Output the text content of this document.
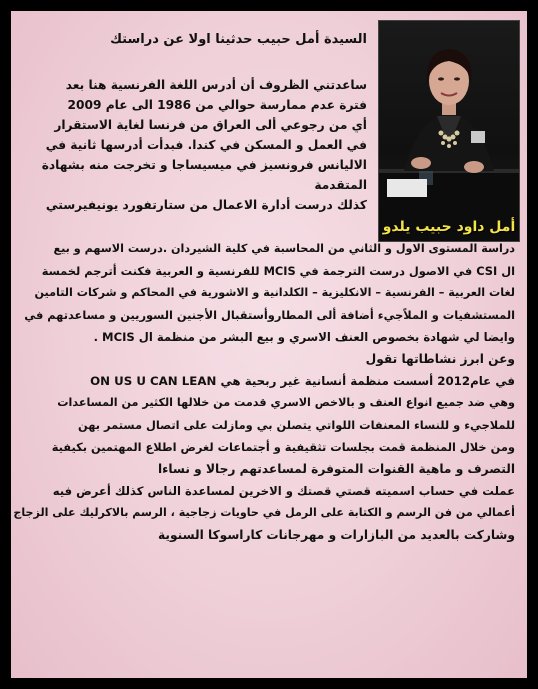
أمل داود حبيب يلدو
السيدة أمل حبيب حدثينا اولا عن دراستك
ساعدتني الظروف أن أدرس اللغة الفرنسية هنا بعد
فترة عدم ممارسة حوالي من 1986 الى عام 2009
أي من رجوعي ألى العراق من فرنسا لغاية الاستقرار
في العمل و المسكن في كندا. فبدأت أدرسها ثانية في
الاليانس فرونسيز في ميسيساجا و تخرجت منه بشهادة
المتقدمة
كذلك درست أدارة الاعمال من ستارتفورد يونيفيرستي
دراسة المستوى الاول و الثاني من المحاسبة في كلية الشيردان .درست الاسهم و بيع
ال CSI في الاصول درست الترجمة في MCIS للفرنسية و العربية فكنت أترجم لخمسة
لغات العربية – الفرنسية – الانكليزية – الكلدانية و الاشورية في المحاكم و شركات التامين
المستشفيات و الملاًجيء أضافة ألى المطاروأستقبال الأجنين السوريين و مساعدتهم في
وايضا لي شهادة بخصوص العنف الاسري و بيع البشر من منظمة ال MCIS .
وعن ابرز نشاطاتها تقول
في عام2012 أسست منظمة أنسانية غير ربحية هي ON US U CAN LEAN
وهي ضد جميع انواع العنف و بالاخص الاسري قدمت من خلالها الكثير من المساعدات
للملاجيء و للنساء المعنفات اللواتي يتصلن بي ومازلت على اتصال مستمر بهن
ومن خلال المنظمة قمت بجلسات تثقيفية و أجتماعات لغرض اطلاع المهتمين بكيفية
التصرف و ماهية القنوات المتوفرة لمساعدتهم رجالا و نساءا
عملت في حساب اسميته قصتي قصتك و الاخرين لمساعدة الناس كذلك أعرض فيه
أعمالي من فن الرسم و الكتابة على الرمل في حاويات زجاجية ، الرسم بالاكرليك على الزجاج
وشاركت بالعديد من البازارات و مهرجانات كاراسوكا السنوية
